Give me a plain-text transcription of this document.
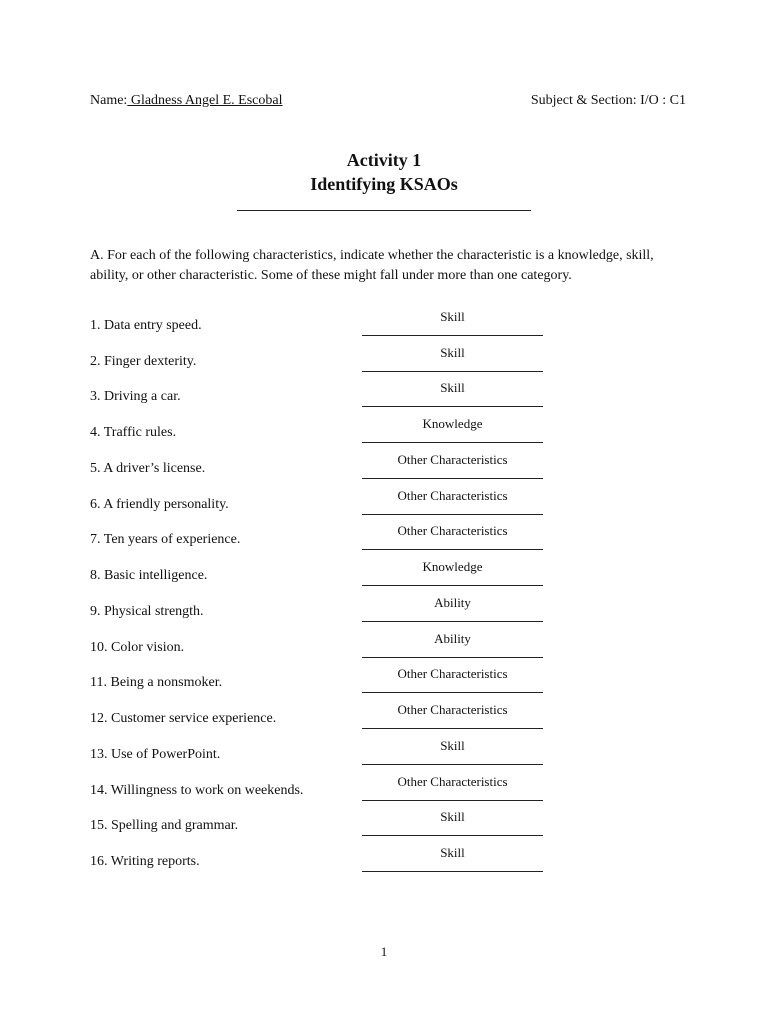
Name: Gladness Angel E. Escobal	Subject & Section: I/O : C1
Activity 1
Identifying KSAOs
A. For each of the following characteristics, indicate whether the characteristic is a knowledge, skill, ability, or other characteristic. Some of these might fall under more than one category.
1. Data entry speed.
Skill
2. Finger dexterity.
Skill
3. Driving a car.
Skill
4. Traffic rules.
Knowledge
5. A driver’s license.
Other Characteristics
6. A friendly personality.
Other Characteristics
7. Ten years of experience.
Other Characteristics
8. Basic intelligence.
Knowledge
9. Physical strength.
Ability
10. Color vision.
Ability
11. Being a nonsmoker.
Other Characteristics
12. Customer service experience.
Other Characteristics
13. Use of PowerPoint.
Skill
14. Willingness to work on weekends.
Other Characteristics
15. Spelling and grammar.
Skill
16. Writing reports.
Skill
1
